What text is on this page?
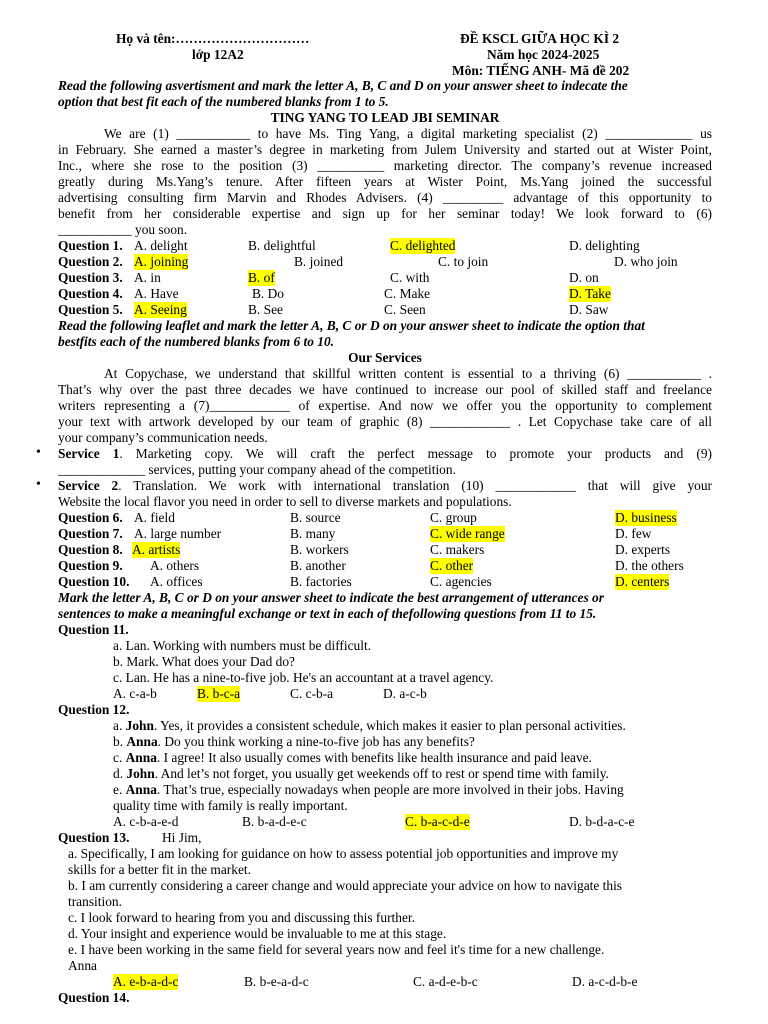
Họ và tên:…………………………
lớp 12A2
ĐỀ KSCL GIỮA HỌC KÌ 2
Năm học 2024-2025
Môn: TIẾNG ANH- Mã đề 202
Read the following asvertisment and mark the letter A, B, C and D on your answer sheet to indecate the
option that best fit each of the numbered blanks from 1 to 5.
TING YANG TO LEAD JBI SEMINAR
We are (1) ___________ to have Ms. Ting Yang, a digital marketing specialist (2) _____________ us
in February. She earned a master’s degree in marketing from Julem University and started out at Wister Point,
Inc., where she rose to the position (3) __________ marketing director. The company’s revenue increased
greatly during Ms.Yang’s tenure. After fifteen years at Wister Point, Ms.Yang joined the successful
advertising consulting firm Marvin and Rhodes Advisers. (4) _________ advantage of this opportunity to
benefit from her considerable expertise and sign up for her seminar today! We look forward to (6)
___________ you soon.
Question 1. A. delight	B. delightful	C. delighted	D. delighting
Question 2. A. joining	B. joined	C. to join	D. who join
Question 3. A. in	B. of	C. with	D. on
Question 4. A. Have	B. Do	C. Make	D. Take
Question 5. A. Seeing	B. See	C. Seen	D. Saw
Read the following leaflet and mark the letter A, B, C or D on your answer sheet to indicate the option that
bestfits each of the numbered blanks from 6 to 10.
Our Services
At Copychase, we understand that skillful written content is essential to a thriving (6) ___________ .
That’s why over the past three decades we have continued to increase our pool of skilled staff and freelance
writers representing a (7)____________ of expertise. And now we offer you the opportunity to complement
your text with artwork developed by our team of graphic (8) ____________ . Let Copychase take care of all
your company’s communication needs.
• Service 1. Marketing copy. We will craft the perfect message to promote your products and (9)
_____________ services, putting your company ahead of the competition.
• Service 2. Translation. We work with international translation (10) ____________ that will give your
Website the local flavor you need in order to sell to diverse markets and populations.
Question 6. A. field	B. source	C. group	D. business
Question 7. A. large number	B. many	C. wide range	D. few
Question 8. A. artists	B. workers	C. makers	D. experts
Question 9. A. others	B. another	C. other	D. the others
Question 10. A. offices	B. factories	C. agencies	D. centers
Mark the letter A, B, C or D on your answer sheet to indicate the best arrangement of utterances or
sentences to make a meaningful exchange or text in each of thefollowing questions from 11 to 15.
Question 11.
a. Lan. Working with numbers must be difficult.
b. Mark. What does your Dad do?
c. Lan. He has a nine-to-five job. He's an accountant at a travel agency.
A. c-a-b	B. b-c-a	C. c-b-a	D. a-c-b
Question 12.
a. John. Yes, it provides a consistent schedule, which makes it easier to plan personal activities.
b. Anna. Do you think working a nine-to-five job has any benefits?
c. Anna. I agree! It also usually comes with benefits like health insurance and paid leave.
d. John. And let’s not forget, you usually get weekends off to rest or spend time with family.
e. Anna. That’s true, especially nowadays when people are more involved in their jobs. Having
quality time with family is really important.
A. c-b-a-e-d	B. b-a-d-e-c	C. b-a-c-d-e	D. b-d-a-c-e
Question 13. Hi Jim,
a. Specifically, I am looking for guidance on how to assess potential job opportunities and improve my
skills for a better fit in the market.
b. I am currently considering a career change and would appreciate your advice on how to navigate this
transition.
c. I look forward to hearing from you and discussing this further.
d. Your insight and experience would be invaluable to me at this stage.
e. I have been working in the same field for several years now and feel it's time for a new challenge.
Anna
A. e-b-a-d-c	B. b-e-a-d-c	C. a-d-e-b-c	D. a-c-d-b-e
Question 14.
